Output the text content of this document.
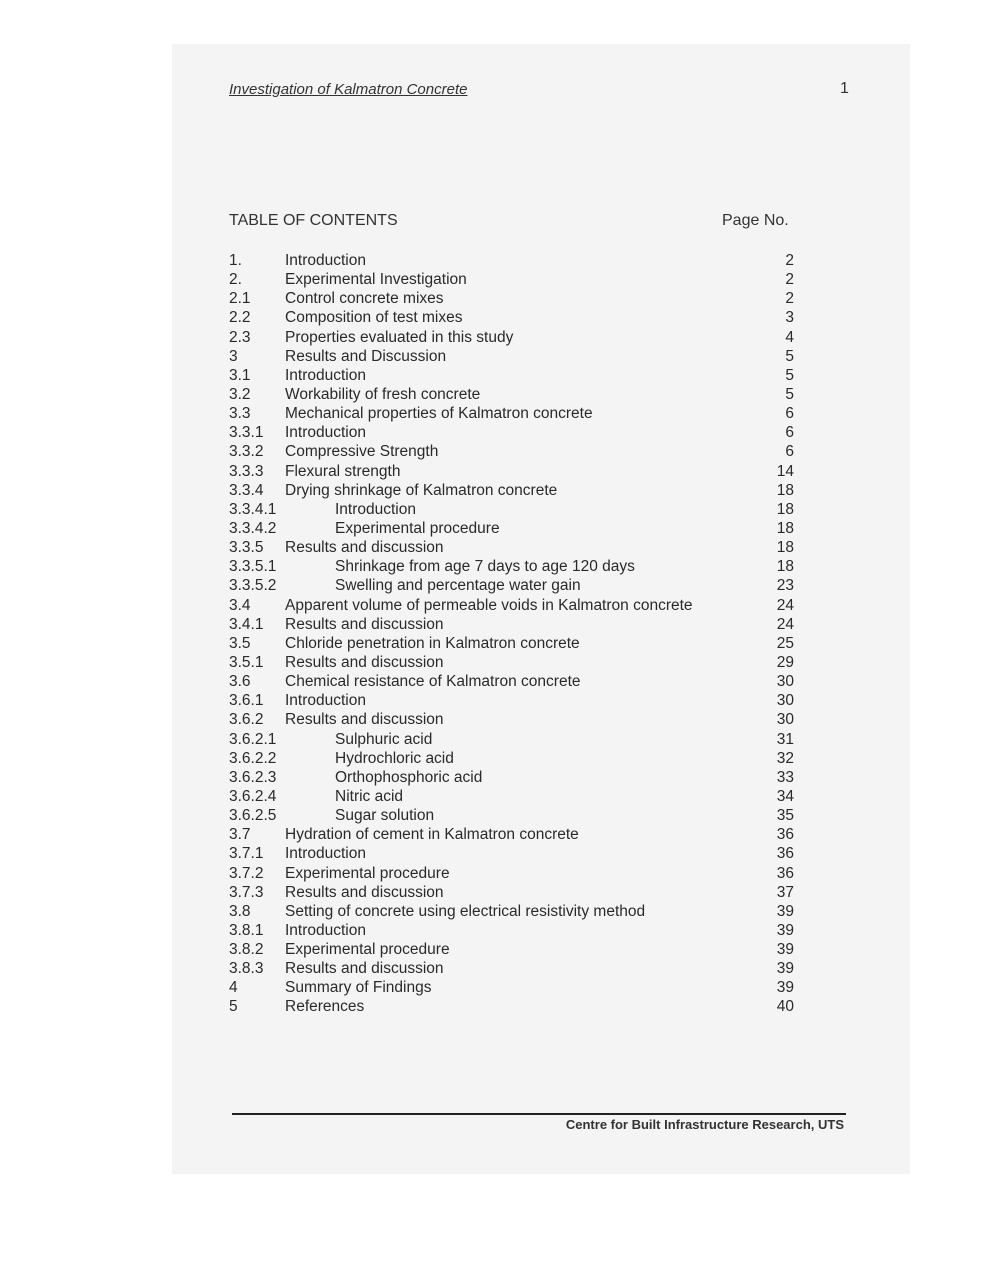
Investigation of Kalmatron Concrete	1
TABLE OF CONTENTS	Page No.
1.	Introduction	2
2.	Experimental Investigation	2
2.1 Control concrete mixes	2
2.2 Composition of test mixes	3
2.3 Properties evaluated in this study	4
3	Results and Discussion	5
3.1 Introduction	5
3.2 Workability of fresh concrete	5
3.3 Mechanical properties of Kalmatron concrete	6
3.3.1 Introduction	6
3.3.2 Compressive Strength	6
3.3.3 Flexural strength	14
3.3.4 Drying shrinkage of Kalmatron concrete	18
3.3.4.1	Introduction	18
3.3.4.2	Experimental procedure	18
3.3.5 Results and discussion	18
3.3.5.1	Shrinkage from age 7 days to age 120 days	18
3.3.5.2	Swelling and percentage water gain	23
3.4 Apparent volume of permeable voids in Kalmatron concrete	24
3.4.1 Results and discussion	24
3.5 Chloride penetration in Kalmatron concrete	25
3.5.1 Results and discussion	29
3.6 Chemical resistance of Kalmatron concrete	30
3.6.1 Introduction	30
3.6.2 Results and discussion	30
3.6.2.1	Sulphuric acid	31
3.6.2.2	Hydrochloric acid	32
3.6.2.3	Orthophosphoric acid	33
3.6.2.4	Nitric acid	34
3.6.2.5	Sugar solution	35
3.7 Hydration of cement in Kalmatron concrete	36
3.7.1 Introduction	36
3.7.2 Experimental procedure	36
3.7.3 Results and discussion	37
3.8 Setting of concrete using electrical resistivity method	39
3.8.1 Introduction	39
3.8.2 Experimental procedure	39
3.8.3 Results and discussion	39
4	Summary of Findings	39
5	References	40
Centre for Built Infrastructure Research, UTS
